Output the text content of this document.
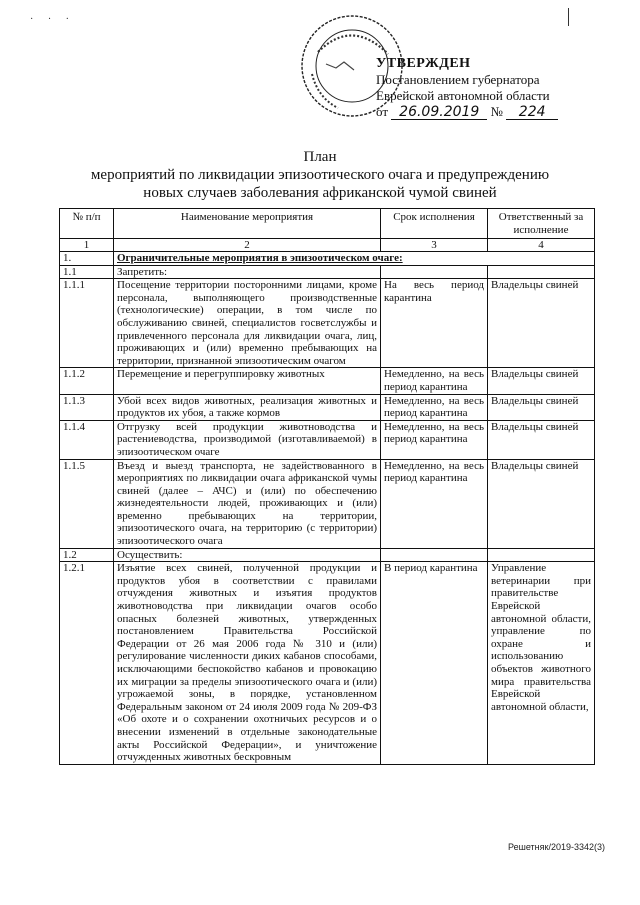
· · ·
УТВЕРЖДЕН
Постановлением губернатора
Еврейской автономной области
от 26.09.2019 № 224
План
мероприятий по ликвидации эпизоотического очага и предупреждению
новых случаев заболевания африканской чумой свиней
№ п/п	Наименование мероприятия	Срок исполнения	Ответственный за исполнение
1	2	3	4
1.	Ограничительные мероприятия в эпизоотическом очаге:		
1.1	Запретить:		
1.1.1	Посещение территории посторонними лицами, кроме персонала, выполняющего производственные (технологические) операции, в том числе по обслуживанию свиней, специалистов госветслужбы и привлеченного персонала для ликвидации очага, лиц, проживающих и (или) временно пребывающих на территории, признанной эпизоотическим очагом	На весь период карантина	Владельцы свиней
1.1.2	Перемещение и перегруппировку животных	Немедленно, на весь период карантина	Владельцы свиней
1.1.3	Убой всех видов животных, реализация животных и продуктов их убоя, а также кормов	Немедленно, на весь период карантина	Владельцы свиней
1.1.4	Отгрузку всей продукции животноводства и растениеводства, производимой (изготавливаемой) в эпизоотическом очаге	Немедленно, на весь период карантина	Владельцы свиней
1.1.5	Въезд и выезд транспорта, не задействованного в мероприятиях по ликвидации очага африканской чумы свиней (далее – АЧС) и (или) по обеспечению жизнедеятельности людей, проживающих и (или) временно пребывающих на территории, эпизоотического очага, на территорию (с территории) эпизоотического очага	Немедленно, на весь период карантина	Владельцы свиней
1.2	Осуществить:		
1.2.1	Изъятие всех свиней, полученной продукции и продуктов убоя в соответствии с правилами отчуждения животных и изъятия продуктов животноводства при ликвидации очагов особо опасных болезней животных, утвержденных постановлением Правительства Российской Федерации от 26 мая 2006 года № 310 и (или) регулирование численности диких кабанов способами, исключающими беспокойство кабанов и провокацию их миграции за пределы эпизоотического очага и (или) угрожаемой зоны, в порядке, установленном Федеральным законом от 24 июля 2009 года № 209-ФЗ «Об охоте и о сохранении охотничьих ресурсов и о внесении изменений в отдельные законодательные акты Российской Федерации», и уничтожение отчужденных животных бескровным	В период карантина	Управление ветеринарии при правительстве Еврейской автономной области, управление по охране и использованию объектов животного мира правительства Еврейской автономной области,
Решетняк/2019-3342(3)
